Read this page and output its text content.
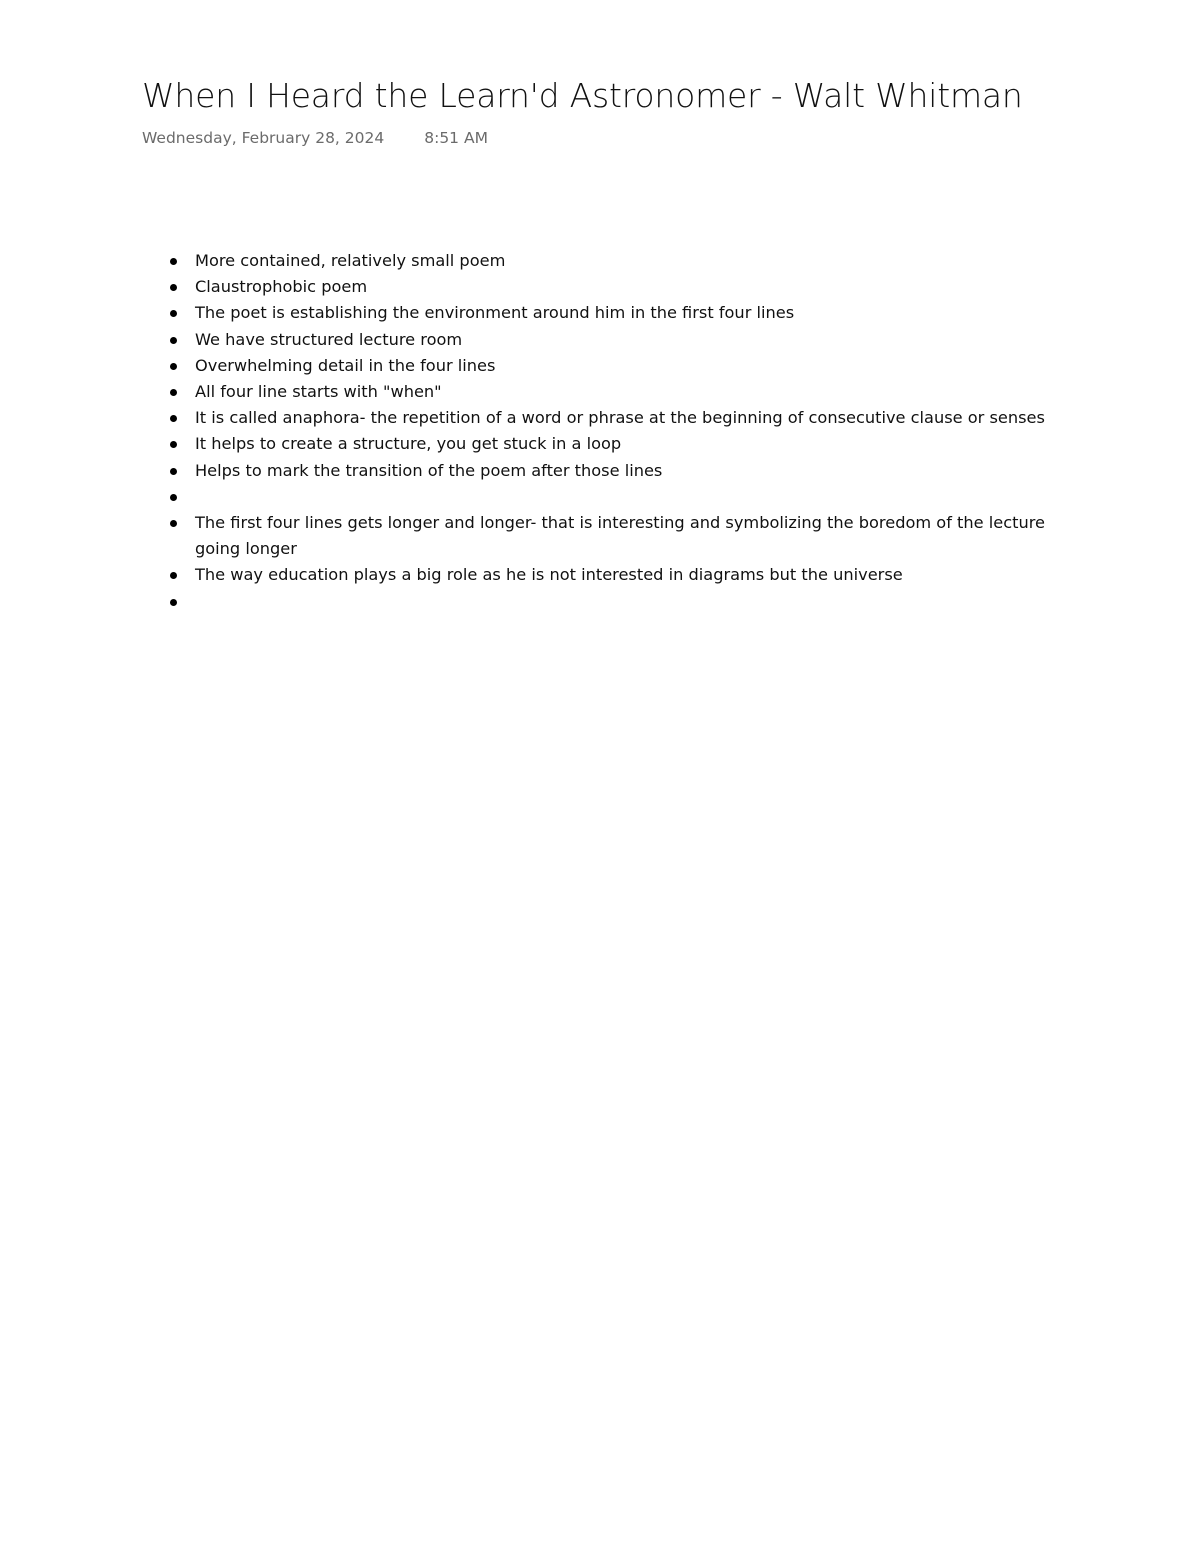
When I Heard the Learn'd Astronomer - Walt Whitman
Wednesday, February 28, 2024	8:51 AM
More contained, relatively small poem
Claustrophobic poem
The poet is establishing the environment around him in the first four lines
We have structured lecture room
Overwhelming detail in the four lines
All four line starts with "when"
It is called anaphora- the repetition of a word or phrase at the beginning of consecutive clause or senses
It helps to create a structure, you get stuck in a loop
Helps to mark the transition of the poem after those lines
The first four lines gets longer and longer- that is interesting and symbolizing the boredom of the lecture going longer
The way education plays a big role as he is not interested in diagrams but the universe
